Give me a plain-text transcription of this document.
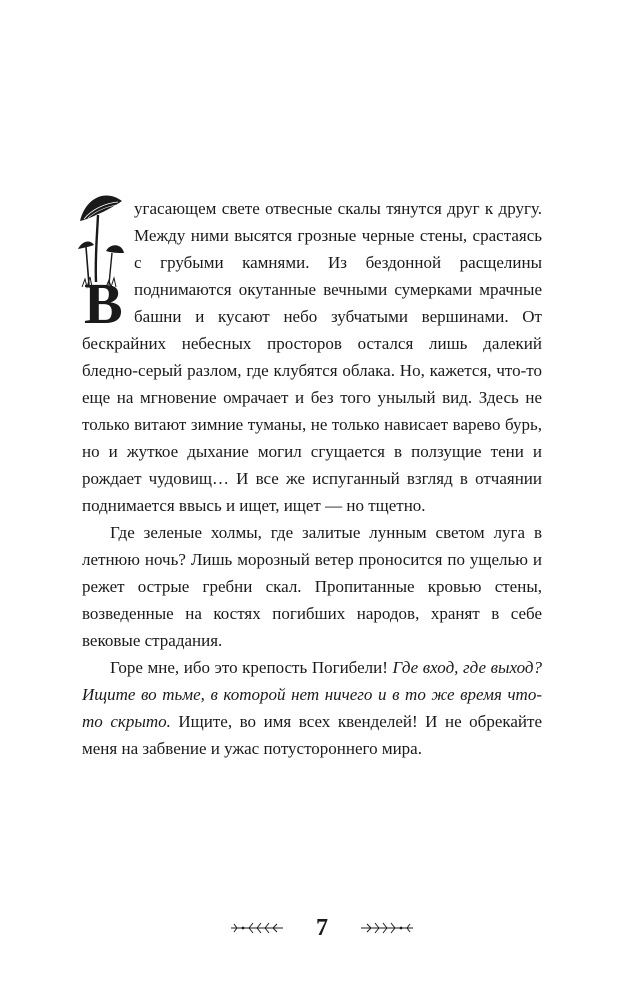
В
угасающем свете отвесные скалы тянутся друг к другу. Между ними высятся грозные черные стены, срастаясь с грубыми камнями. Из бездонной расщелины поднимаются окутанные вечными сумерками мрачные башни и кусают небо зубчатыми вершинами. От бескрайних небесных просторов остался лишь далекий бледно-серый разлом, где клубятся облака. Но, кажется, что-то еще на мгновение омрачает и без того унылый вид. Здесь не только витают зимние туманы, не только нависает варево бурь, но и жуткое дыхание могил сгущается в ползущие тени и рождает чудовищ… И все же испуганный взгляд в отчаянии поднимается ввысь и ищет, ищет — но тщетно.

Где зеленые холмы, где залитые лунным светом луга в летнюю ночь? Лишь морозный ветер проносится по ущелью и режет острые гребни скал. Пропитанные кровью стены, возведенные на костях погибших народов, хранят в себе вековые страдания.

Горе мне, ибо это крепость Погибели! Где вход, где выход? Ищите во тьме, в которой нет ничего и в то же время что-то скрыто. Ищите, во имя всех квенделей! И не обрекайте меня на забвение и ужас потустороннего мира.

7
